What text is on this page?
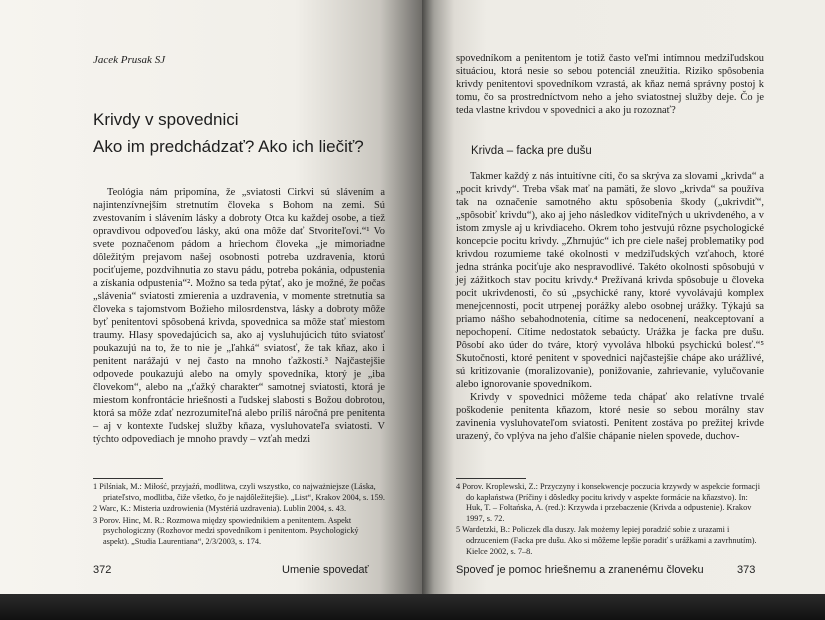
Jacek Prusak SJ
Krivdy v spovednici
Ako im predchádzať? Ako ich liečiť?

Teológia nám pripomína, že „sviatosti Cirkvi sú slávením a najintenzívnejším stretnutím človeka s Bohom na zemi. Sú zvestovaním i slávením lásky a dobroty Otca ku každej osobe, a tiež opravdivou odpoveďou lásky, akú ona môže dať Stvoriteľovi.“¹ Vo svete poznačenom pádom a hriechom človeka „je mimoriadne dôležitým prejavom našej osobnosti potreba uzdravenia, ktorú pociťujeme, pozdvihnutia zo stavu pádu, potreba pokánia, odpustenia a získania odpustenia“². Možno sa teda pýtať, ako je možné, že počas „slávenia“ sviatosti zmierenia a uzdravenia, v momente stretnutia sa človeka s tajomstvom Božieho milosrdenstva, lásky a dobroty môže byť penitentovi spôsobená krivda, spovednica sa môže stať miestom traumy. Hlasy spovedajúcich sa, ako aj vysluhujúcich túto sviatosť poukazujú na to, že to nie je „ľahká“ sviatosť, že tak kňaz, ako i penitent narážajú v nej často na mnoho ťažkostí.³ Najčastejšie odpovede poukazujú alebo na omyly spovedníka, ktorý je „iba človekom“, alebo na „ťažký charakter“ samotnej sviatosti, ktorá je miestom konfrontácie hriešnosti a ľudskej slabosti s Božou dobrotou, ktorá sa môže zdať nezrozumiteľná alebo príliš náročná pre penitenta – aj v kontexte ľudskej služby kňaza, vysluhovateľa sviatosti. V týchto odpovediach je mnoho pravdy – vzťah medzi

1 Pilśniak, M.: Miłość, przyjaźń, modlitwa, czyli wszystko, co najważniejsze (Láska, priateľstvo, modlitba, čiže všetko, čo je najdôležitejšie). „List“, Krakov 2004, s. 159.

2 Warc, K.: Misteria uzdrowienia (Mystériá uzdravenia). Lublin 2004, s. 43.

3 Porov. Hinc, M. R.: Rozmowa między spowiednikiem a penitentem. Aspekt psychologiczny (Rozhovor medzi spovedníkom i penitentom. Psychologický aspekt). „Studia Laurentiana“, 2/3/2003, s. 174.

372	Umenie spovedať

spovedníkom a penitentom je totiž často veľmi intímnou medziľudskou situáciou, ktorá nesie so sebou potenciál zneužitia. Riziko spôsobenia krivdy penitentovi spovedníkom vzrastá, ak kňaz nemá správny postoj k tomu, čo sa prostredníctvom neho a jeho sviatostnej služby deje. Čo je teda vlastne krivdou v spovednici a ako ju rozoznať?

Krivda – facka pre dušu

Takmer každý z nás intuitívne cíti, čo sa skrýva za slovami „krivda“ a „pocit krivdy“. Treba však mať na pamäti, že slovo „krivda“ sa používa tak na označenie samotného aktu spôsobenia škody („ukrivdiť“, „spôsobiť krivdu“), ako aj jeho následkov viditeľných u ukrivdeného, a v istom zmysle aj u krivdiaceho. Okrem toho jestvujú rôzne psychologické koncepcie pocitu krivdy. „Zhrnujúc“ ich pre ciele našej problematiky pod krivdou rozumieme také okolnosti v medziľudských vzťahoch, ktoré jedna stránka pociťuje ako nespravodlivé. Takéto okolnosti spôsobujú v jej zážitkoch stav pocitu krivdy.⁴ Prežívaná krivda spôsobuje u človeka pocit ukrivdenosti, čo sú „psychické rany, ktoré vyvolávajú komplex menejcennosti, pocit utrpenej porážky alebo osobnej urážky. Týkajú sa priamo nášho sebahodnotenia, cítime sa nedocenení, neakceptovaní a nepochopení. Cítime nedostatok sebaúcty. Urážka je facka pre dušu. Pôsobí ako úder do tváre, ktorý vyvoláva hlbokú psychickú bolesť.“⁵ Skutočnosti, ktoré penitent v spovednici najčastejšie chápe ako urážlivé, sú kritizovanie (moralizovanie), ponižovanie, zahrievanie, vylučovanie alebo ignorovanie spovedníkom.

Krivdy v spovednici môžeme teda chápať ako relatívne trvalé poškodenie penitenta kňazom, ktoré nesie so sebou morálny stav zavinenia vysluhovateľom sviatosti. Penitent zostáva po prežitej krivde urazený, čo vplýva na jeho ďalšie chápanie nielen spovede, duchov-

4 Porov. Kroplewski, Z.: Przyczyny i konsekwencje poczucia krzywdy w aspekcie formacji do kapłaństwa (Príčiny i dôsledky pocitu krivdy v aspekte formácie na kňazstvo). In: Huk, T. – Foltańska, A. (red.): Krzywda i przebaczenie (Krivda a odpustenie). Krakov 1997, s. 72.

5 Wardetzki, B.: Policzek dla duszy. Jak możemy lepiej poradzić sobie z urazami i odrzuceniem (Facka pre dušu. Ako si môžeme lepšie poradiť s urážkami a zavrhnutím). Kielce 2002, s. 7–8.

Spoveď je pomoc hriešnemu a zranenému človeku	373
